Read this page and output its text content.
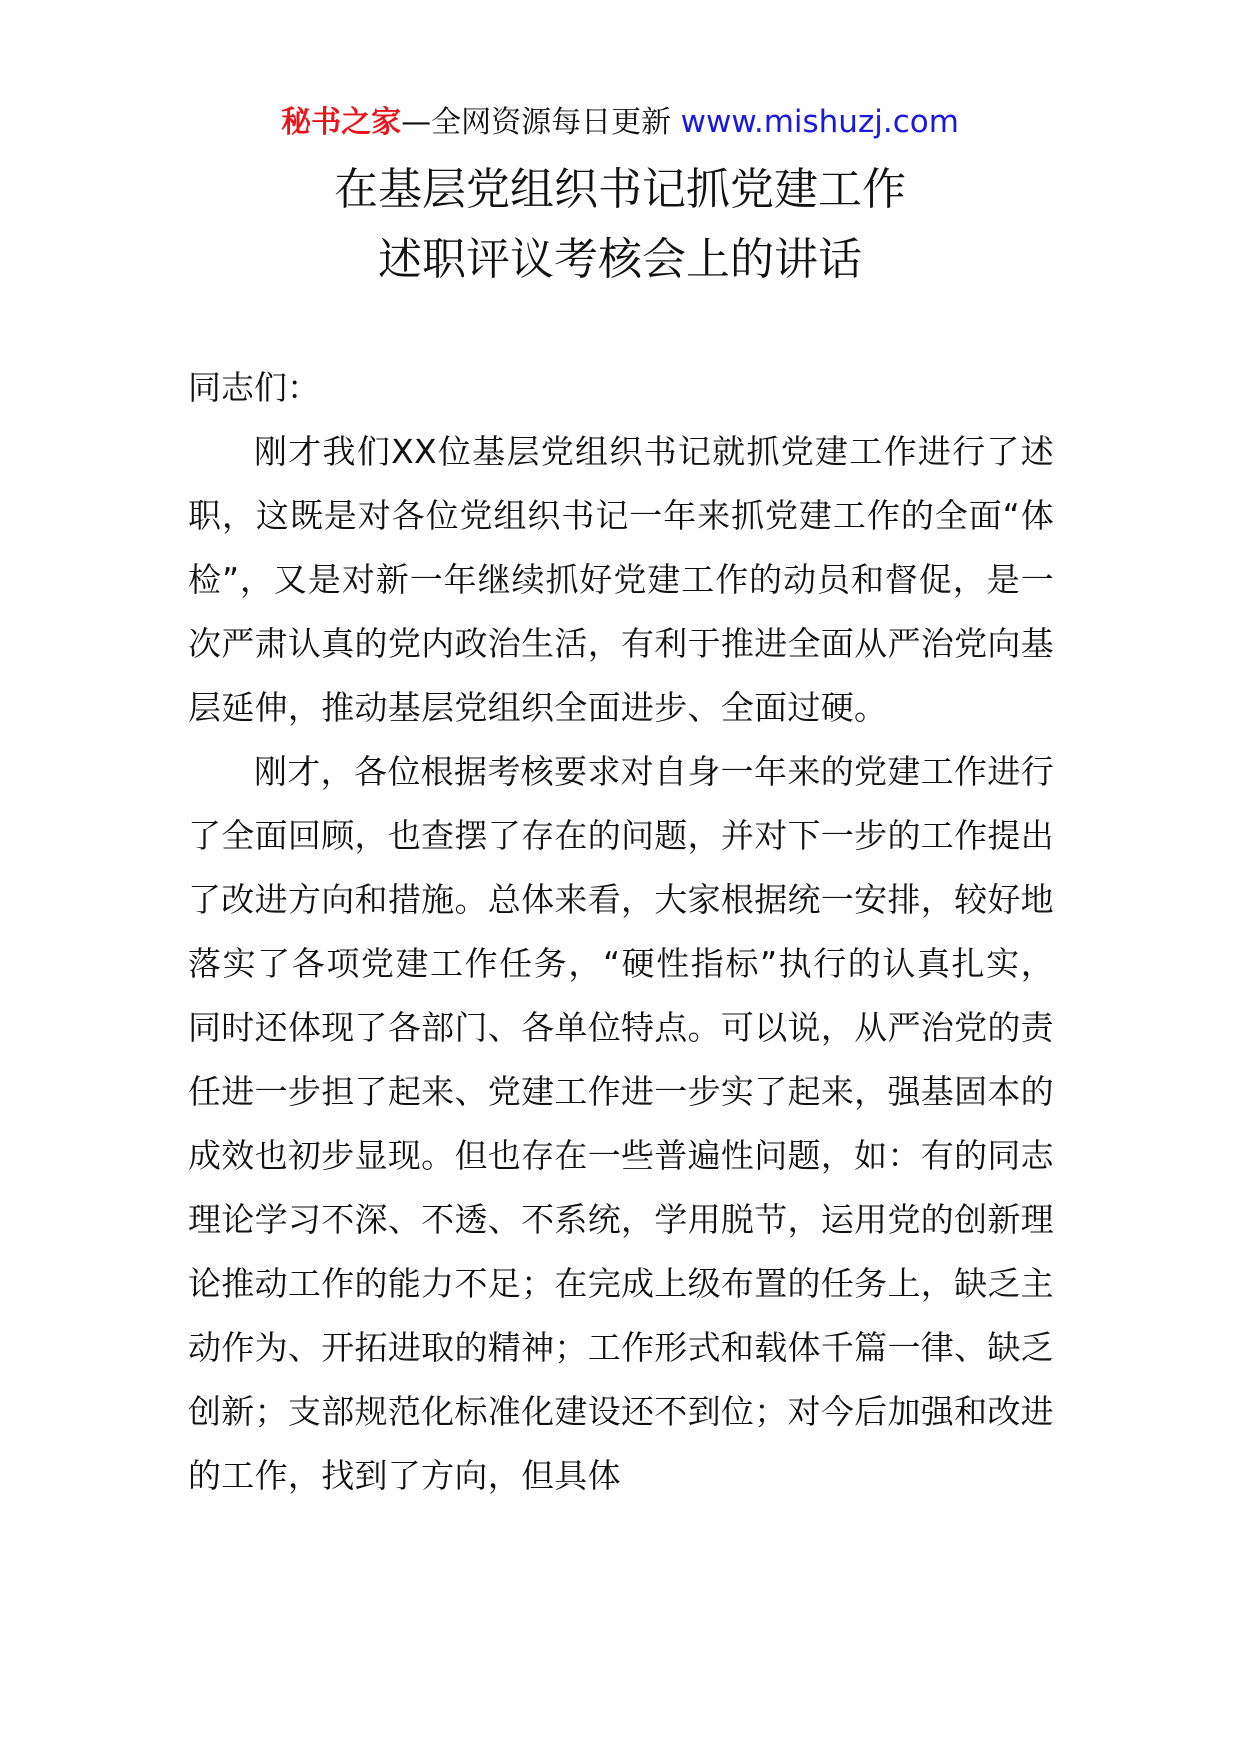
秘书之家—全网资源每日更新 www.mishuzj.com
在基层党组织书记抓党建工作
述职评议考核会上的讲话

同志们：

刚才我们XX位基层党组织书记就抓党建工作进行了述职，这既是对各位党组织书记一年来抓党建工作的全面“体检”，又是对新一年继续抓好党建工作的动员和督促，是一次严肃认真的党内政治生活，有利于推进全面从严治党向基层延伸，推动基层党组织全面进步、全面过硬。

刚才，各位根据考核要求对自身一年来的党建工作进行了全面回顾，也查摆了存在的问题，并对下一步的工作提出了改进方向和措施。总体来看，大家根据统一安排，较好地落实了各项党建工作任务，“硬性指标”执行的认真扎实，同时还体现了各部门、各单位特点。可以说，从严治党的责任进一步担了起来、党建工作进一步实了起来，强基固本的成效也初步显现。但也存在一些普遍性问题，如：有的同志理论学习不深、不透、不系统，学用脱节，运用党的创新理论推动工作的能力不足；在完成上级布置的任务上，缺乏主动作为、开拓进取的精神；工作形式和载体千篇一律、缺乏创新；支部规范化标准化建设还不到位；对今后加强和改进的工作，找到了方向，但具体
